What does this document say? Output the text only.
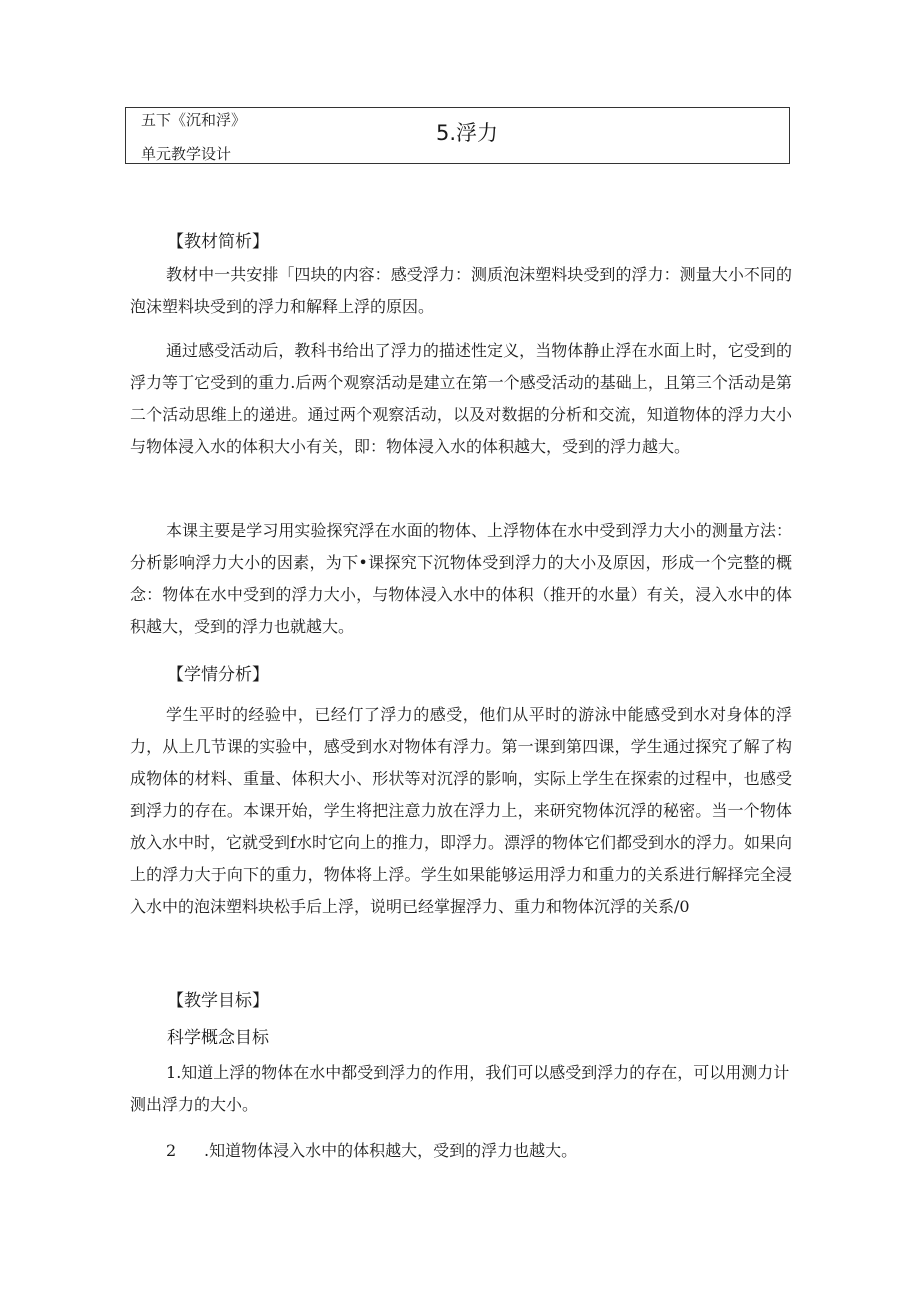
五下《沉和浮》
单元教学设计
5.浮力
【教材简析】

教材中一共安排「四块的内容：感受浮力：测质泡沫塑料块受到的浮力：测量大小不同的泡沫塑料块受到的浮力和解释上浮的原因。

通过感受活动后，教科书给出了浮力的描述性定义，当物体静止浮在水面上时，它受到的浮力等丁它受到的重力.后两个观察活动是建立在第一个感受活动的基础上，且第三个活动是第二个活动思维上的递进。通过两个观察活动，以及对数据的分析和交流，知道物体的浮力大小与物体浸入水的体积大小有关，即：物体浸入水的体积越大，受到的浮力越大。

本课主要是学习用实验探究浮在水面的物体、上浮物体在水中受到浮力大小的测量方法：分析影响浮力大小的因素，为下•课探究下沉物体受到浮力的大小及原因，形成一个完整的概念：物体在水中受到的浮力大小，与物体浸入水中的体积（推开的水量）有关，浸入水中的体积越大，受到的浮力也就越大。

【学情分析】

学生平时的经验中，已经仃了浮力的感受，他们从平时的游泳中能感受到水对身体的浮力，从上几节课的实验中，感受到水对物体有浮力。第一课到第四课，学生通过探究了解了构成物体的材料、重量、体积大小、形状等对沉浮的影响，实际上学生在探索的过程中，也感受到浮力的存在。本课开始，学生将把注意力放在浮力上，来研究物体沉浮的秘密。当一个物体放入水中时，它就受到f水时它向上的推力，即浮力。漂浮的物体它们都受到水的浮力。如果向上的浮力大于向下的重力，物体将上浮。学生如果能够运用浮力和重力的关系进行解择完全浸入水中的泡沫塑料块松手后上浮，说明已经掌握浮力、重力和物体沉浮的关系/0

【教学目标】
科学概念目标
1.知道上浮的物体在水中都受到浮力的作用，我们可以感受到浮力的存在，可以用测力计测出浮力的大小。
2 .知道物体浸入水中的体积越大，受到的浮力也越大。
